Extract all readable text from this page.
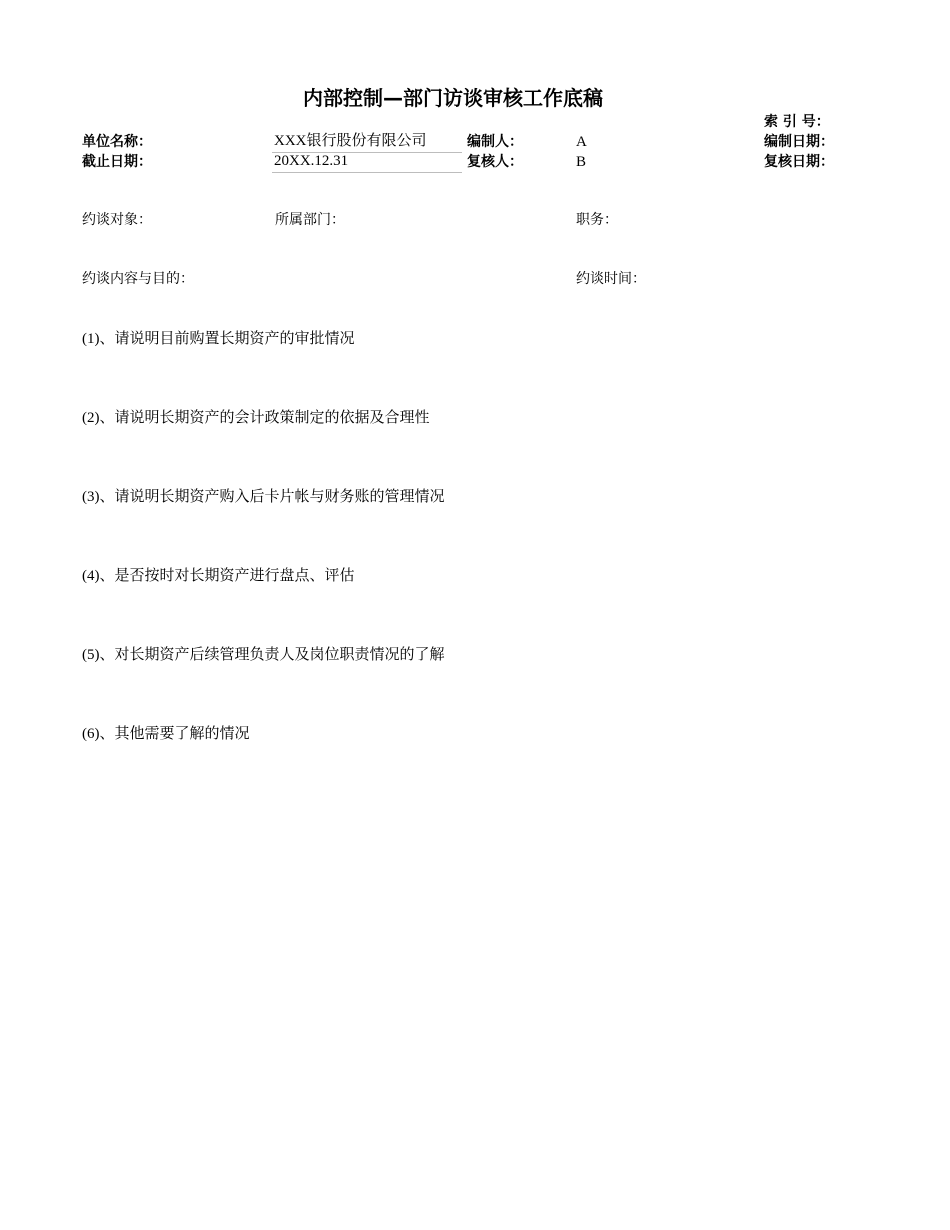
内部控制—部门访谈审核工作底稿
索 引 号：
单位名称：	XXX银行股份有限公司	编制人：	A	编制日期：
截止日期：	20XX.12.31	复核人：	B	复核日期：
约谈对象：	所属部门：	职务：
约谈内容与目的：	约谈时间：
(1)、请说明目前购置长期资产的审批情况
(2)、请说明长期资产的会计政策制定的依据及合理性
(3)、请说明长期资产购入后卡片帐与财务账的管理情况
(4)、是否按时对长期资产进行盘点、评估
(5)、对长期资产后续管理负责人及岗位职责情况的了解
(6)、其他需要了解的情况
